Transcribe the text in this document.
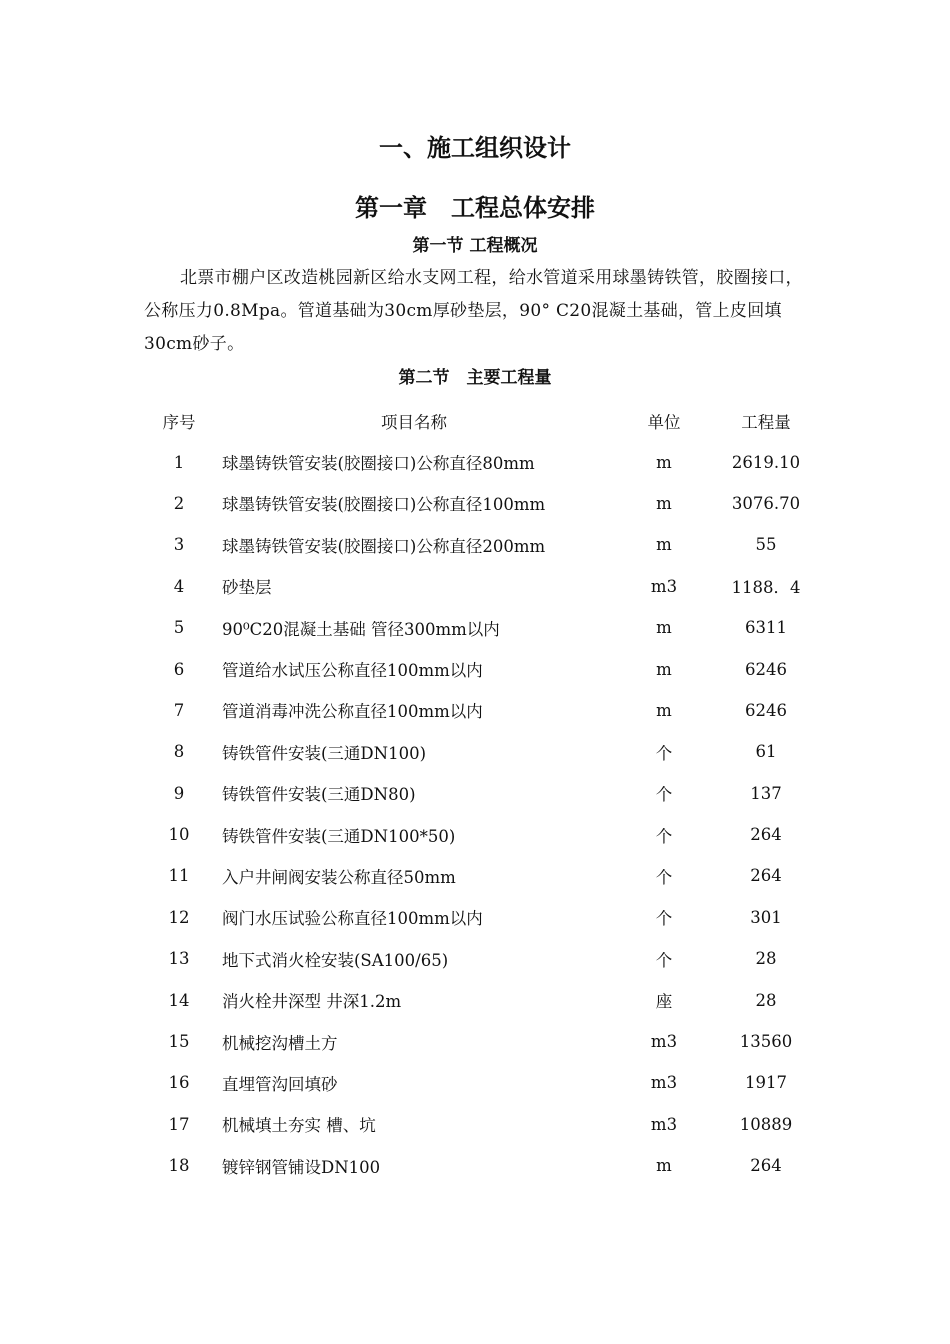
一、施工组织设计
第一章　工程总体安排
第一节 工程概况
北票市棚户区改造桃园新区给水支网工程，给水管道采用球墨铸铁管，胶圈接口，公称压力0.8Mpa。管道基础为30cm厚砂垫层，90° C20混凝土基础，管上皮回填30cm砂子。
第二节　主要工程量
序号	项目名称	单位	工程量
1	球墨铸铁管安装(胶圈接口)公称直径80mm	m	2619.10
2	球墨铸铁管安装(胶圈接口)公称直径100mm	m	3076.70
3	球墨铸铁管安装(胶圈接口)公称直径200mm	m	55
4	砂垫层	m3	1188．4
5	90⁰C20混凝土基础 管径300mm以内	m	6311
6	管道给水试压公称直径100mm以内	m	6246
7	管道消毒冲洗公称直径100mm以内	m	6246
8	铸铁管件安装(三通DN100)	个	61
9	铸铁管件安装(三通DN80)	个	137
10	铸铁管件安装(三通DN100*50)	个	264
11	入户井闸阀安装公称直径50mm	个	264
12	阀门水压试验公称直径100mm以内	个	301
13	地下式消火栓安装(SA100/65)	个	28
14	消火栓井深型 井深1.2m	座	28
15	机械挖沟槽土方	m3	13560
16	直埋管沟回填砂	m3	1917
17	机械填土夯实 槽、坑	m3	10889
18	镀锌钢管铺设DN100	m	264
